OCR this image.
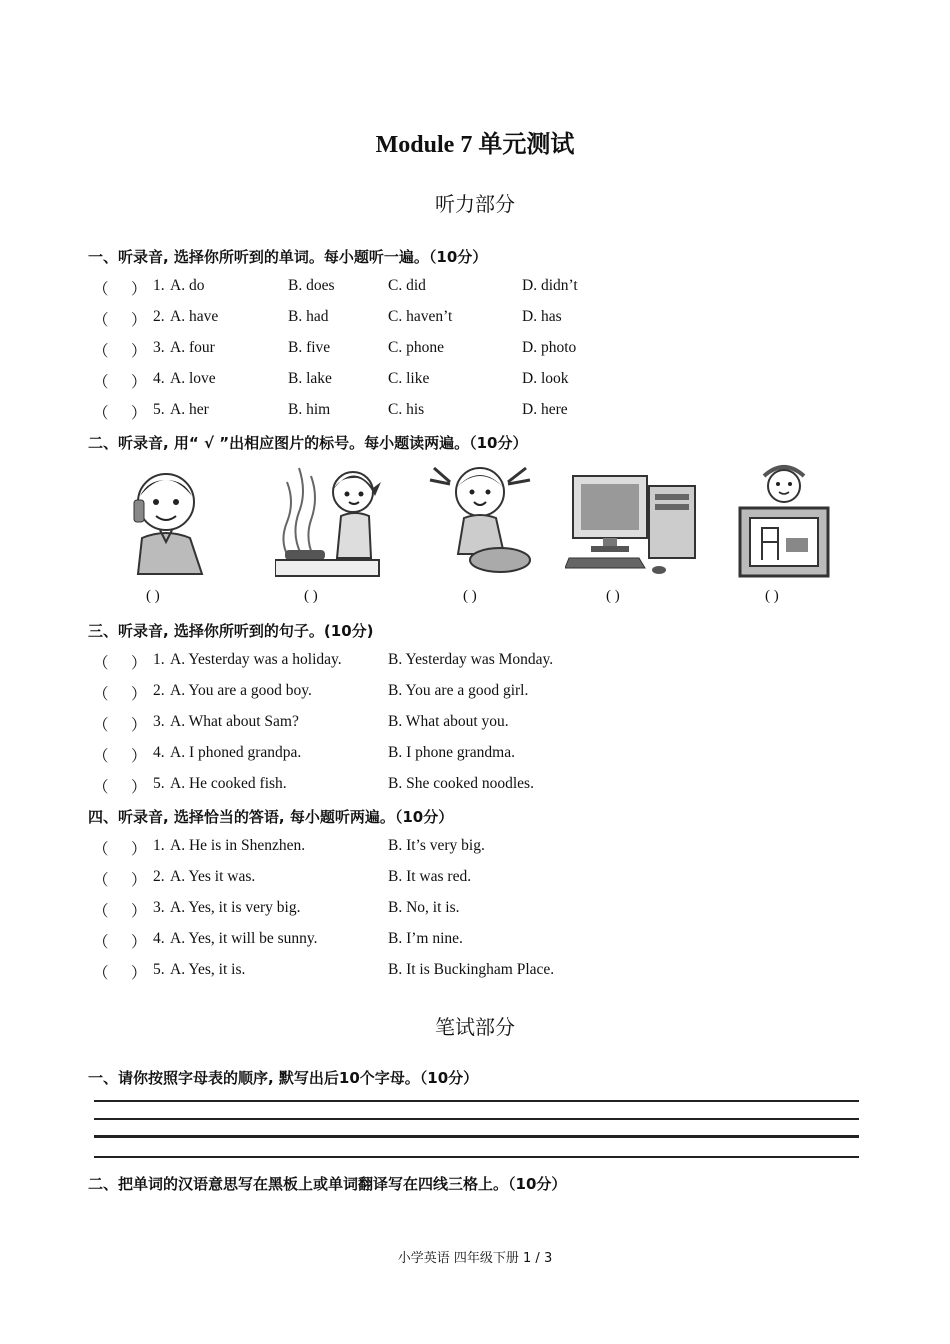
Module 7 单元测试
听力部分
一、听录音, 选择你所听到的单词。每小题听一遍。（10分）
（ ） 1. A. do	B. does	C. did	D. didn’t
（ ） 2. A. have	B. had	C. haven’t	D. has
（ ） 3. A. four	B. five	C. phone	D. photo
（ ） 4. A. love	B. lake	C. like	D. look
（ ） 5. A. her	B. him	C. his	D. here
二、听录音, 用“ √ ”出相应图片的标号。每小题读两遍。（10分）
( )	( )	( )	( )	( )
三、听录音, 选择你所听到的句子。(10分)
（ ） 1. A. Yesterday was a holiday.	B. Yesterday was Monday.
（ ） 2. A. You are a good boy.	B. You are a good girl.
（ ） 3. A. What about Sam?	B. What about you.
（ ） 4. A. I phoned grandpa.	B. I phone grandma.
（ ） 5. A. He cooked fish.	B. She cooked noodles.
四、听录音, 选择恰当的答语, 每小题听两遍。（10分）
（ ） 1. A. He is in Shenzhen.	B. It’s very big.
（ ） 2. A. Yes it was.	B. It was red.
（ ） 3. A. Yes, it is very big.	B. No, it is.
（ ） 4. A. Yes, it will be sunny.	B. I’m nine.
（ ） 5. A. Yes, it is.	B. It is Buckingham Place.
笔试部分
一、请你按照字母表的顺序, 默写出后10个字母。（10分）
二、把单词的汉语意思写在黑板上或单词翻译写在四线三格上。（10分）
小学英语 四年级下册 1 / 3
